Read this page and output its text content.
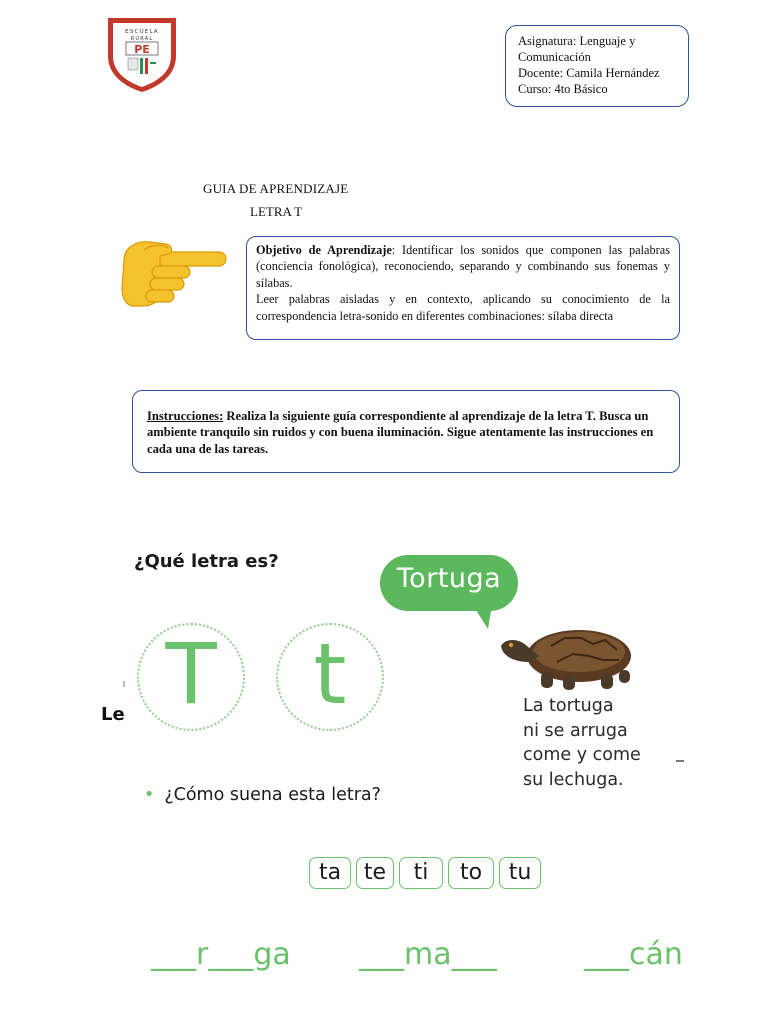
ESCUELA
RURAL
PE
Asignatura: Lenguaje y
Comunicación
Docente: Camila Hernández
Curso: 4to Básico
GUIA DE APRENDIZAJE
LETRA T

Objetivo de Aprendizaje: Identificar los sonidos que componen las palabras (conciencia fonológica), reconociendo, separando y combinando sus fonemas y sílabas.

Leer palabras aisladas y en contexto, aplicando su conocimiento de la correspondencia letra-sonido en diferentes combinaciones: sílaba directa

Instrucciones: Realiza la siguiente guía correspondiente al aprendizaje de la letra T. Busca un ambiente tranquilo sin ruidos y con buena iluminación. Sigue atentamente las instrucciones en cada una de las tareas.
¿Qué letra es?
Tortuga
La tortuga
ni se arruga
come y come
su lechuga.
T	t
Le
• ¿Cómo suena esta letra?
ta	te	ti	to	tu
___r___ga ___ma___	___cán
